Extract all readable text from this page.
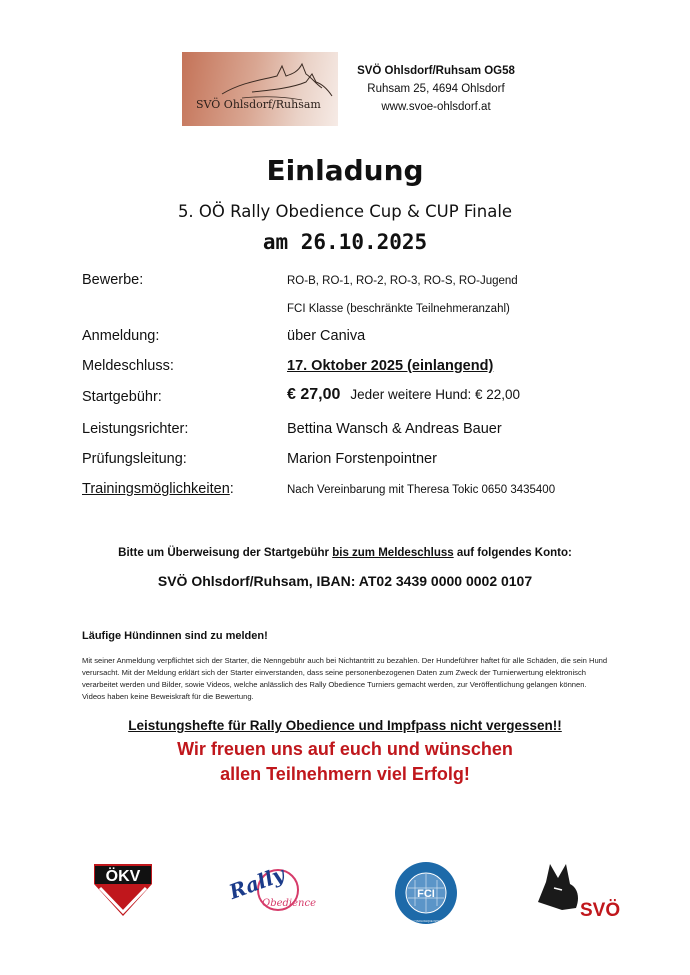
SVÖ Ohlsdorf/Ruhsam
SVÖ Ohlsdorf/Ruhsam OG58
Ruhsam 25, 4694 Ohlsdorf
www.svoe-ohlsdorf.at
Einladung
5. OÖ Rally Obedience Cup & CUP Finale
am 26.10.2025
Bewerbe:	RO-B, RO-1, RO-2, RO-3, RO-S, RO-Jugend
FCI Klasse (beschränkte Teilnehmeranzahl)
Anmeldung:	über Caniva
Meldeschluss:	17. Oktober 2025 (einlangend)
Startgebühr:	€ 27,00 Jeder weitere Hund: € 22,00
Leistungsrichter:	Bettina Wansch & Andreas Bauer
Prüfungsleitung:	Marion Forstenpointner
Trainingsmöglichkeiten:	Nach Vereinbarung mit Theresa Tokic 0650 3435400
Bitte um Überweisung der Startgebühr bis zum Meldeschluss auf folgendes Konto:
SVÖ Ohlsdorf/Ruhsam, IBAN: AT02 3439 0000 0002 0107
Läufige Hündinnen sind zu melden!
Mit seiner Anmeldung verpflichtet sich der Starter, die Nenngebühr auch bei Nichtantritt zu bezahlen. Der Hundeführer haftet für alle Schäden, die sein Hund verursacht. Mit der Meldung erklärt sich der Starter einverstanden, dass seine personenbezogenen Daten zum Zweck der Turnierwertung elektronisch verarbeitet werden und Bilder, sowie Videos, welche anlässlich des Rally Obedience Turniers gemacht werden, zur Veröffentlichung gelangen können. Videos haben keine Beweiskraft für die Bewertung.
Leistungshefte für Rally Obedience und Impfpass nicht vergessen!!
Wir freuen uns auf euch und wünschen
allen Teilnehmern viel Erfolg!
ÖKV	Rally
Obedience
FCI
FÉDÉRATION CYNOLOGIQUE INTERNATIONALE
SVÖ
